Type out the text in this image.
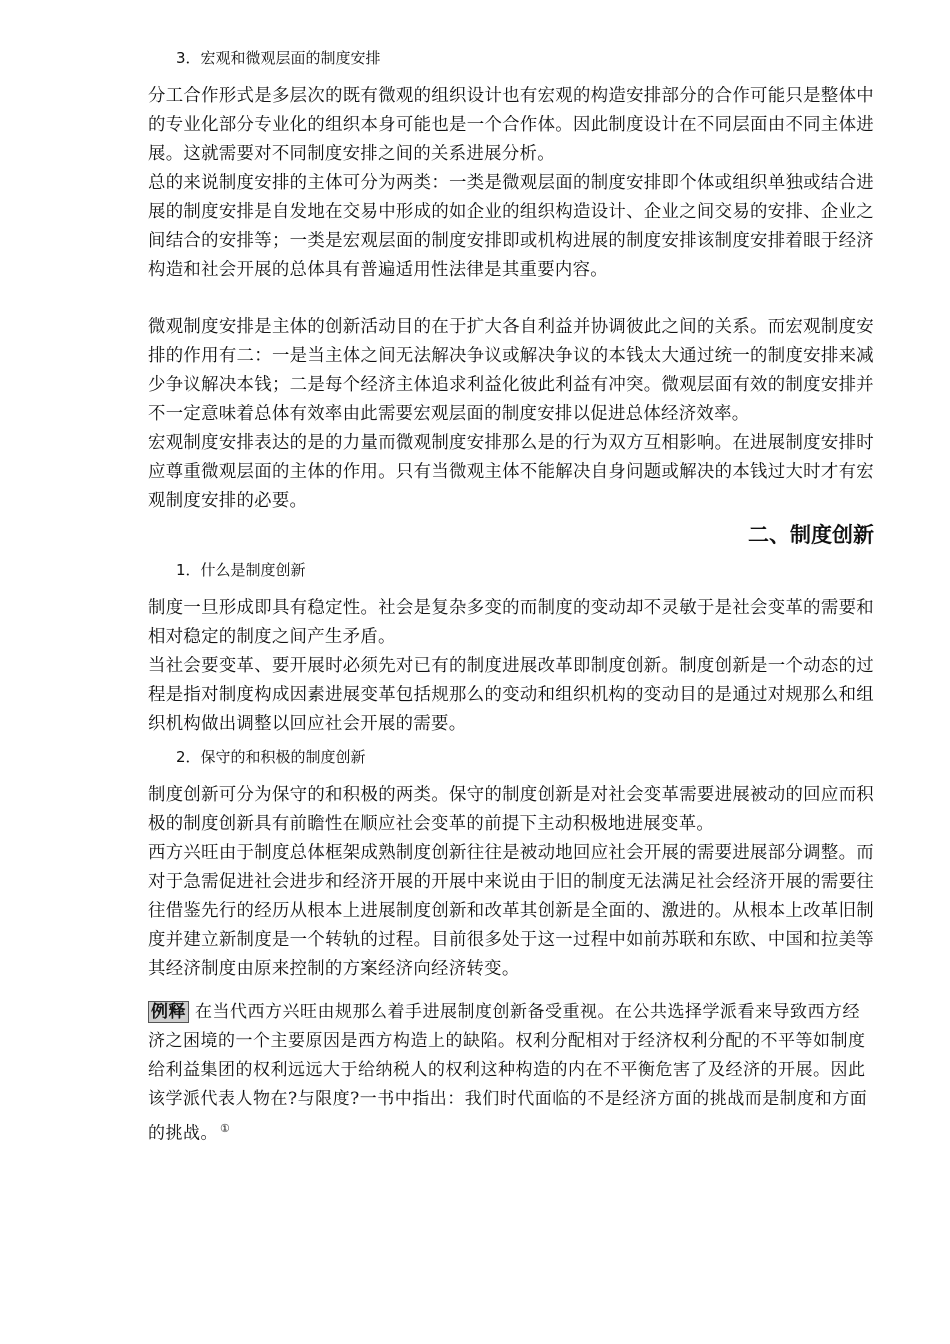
3．宏观和微观层面的制度安排

分工合作形式是多层次的既有微观的组织设计也有宏观的构造安排部分的合作可能只是整体中的专业化部分专业化的组织本身可能也是一个合作体。因此制度设计在不同层面由不同主体进展。这就需要对不同制度安排之间的关系进展分析。

总的来说制度安排的主体可分为两类：一类是微观层面的制度安排即个体或组织单独或结合进展的制度安排是自发地在交易中形成的如企业的组织构造设计、企业之间交易的安排、企业之间结合的安排等；一类是宏观层面的制度安排即或机构进展的制度安排该制度安排着眼于经济构造和社会开展的总体具有普遍适用性法律是其重要内容。

微观制度安排是主体的创新活动目的在于扩大各自利益并协调彼此之间的关系。而宏观制度安排的作用有二：一是当主体之间无法解决争议或解决争议的本钱太大通过统一的制度安排来减少争议解决本钱；二是每个经济主体追求利益化彼此利益有冲突。微观层面有效的制度安排并不一定意味着总体有效率由此需要宏观层面的制度安排以促进总体经济效率。

宏观制度安排表达的是的力量而微观制度安排那么是的行为双方互相影响。在进展制度安排时应尊重微观层面的主体的作用。只有当微观主体不能解决自身问题或解决的本钱过大时才有宏观制度安排的必要。

二、制度创新
1．什么是制度创新

制度一旦形成即具有稳定性。社会是复杂多变的而制度的变动却不灵敏于是社会变革的需要和相对稳定的制度之间产生矛盾。

当社会要变革、要开展时必须先对已有的制度进展改革即制度创新。制度创新是一个动态的过程是指对制度构成因素进展变革包括规那么的变动和组织机构的变动目的是通过对规那么和组织机构做出调整以回应社会开展的需要。

2．保守的和积极的制度创新

制度创新可分为保守的和积极的两类。保守的制度创新是对社会变革需要进展被动的回应而积极的制度创新具有前瞻性在顺应社会变革的前提下主动积极地进展变革。

西方兴旺由于制度总体框架成熟制度创新往往是被动地回应社会开展的需要进展部分调整。而对于急需促进社会进步和经济开展的开展中来说由于旧的制度无法满足社会经济开展的需要往往借鉴先行的经历从根本上进展制度创新和改革其创新是全面的、激进的。从根本上改革旧制度并建立新制度是一个转轨的过程。目前很多处于这一过程中如前苏联和东欧、中国和拉美等其经济制度由原来控制的方案经济向经济转变。

例释 在当代西方兴旺由规那么着手进展制度创新备受重视。在公共选择学派看来导致西方经济之困境的一个主要原因是西方构造上的缺陷。权利分配相对于经济权利分配的不平等如制度给利益集团的权利远远大于给纳税人的权利这种构造的内在不平衡危害了及经济的开展。因此该学派代表人物在?与限度?一书中指出：我们时代面临的不是经济方面的挑战而是制度和方面的挑战。 ①
